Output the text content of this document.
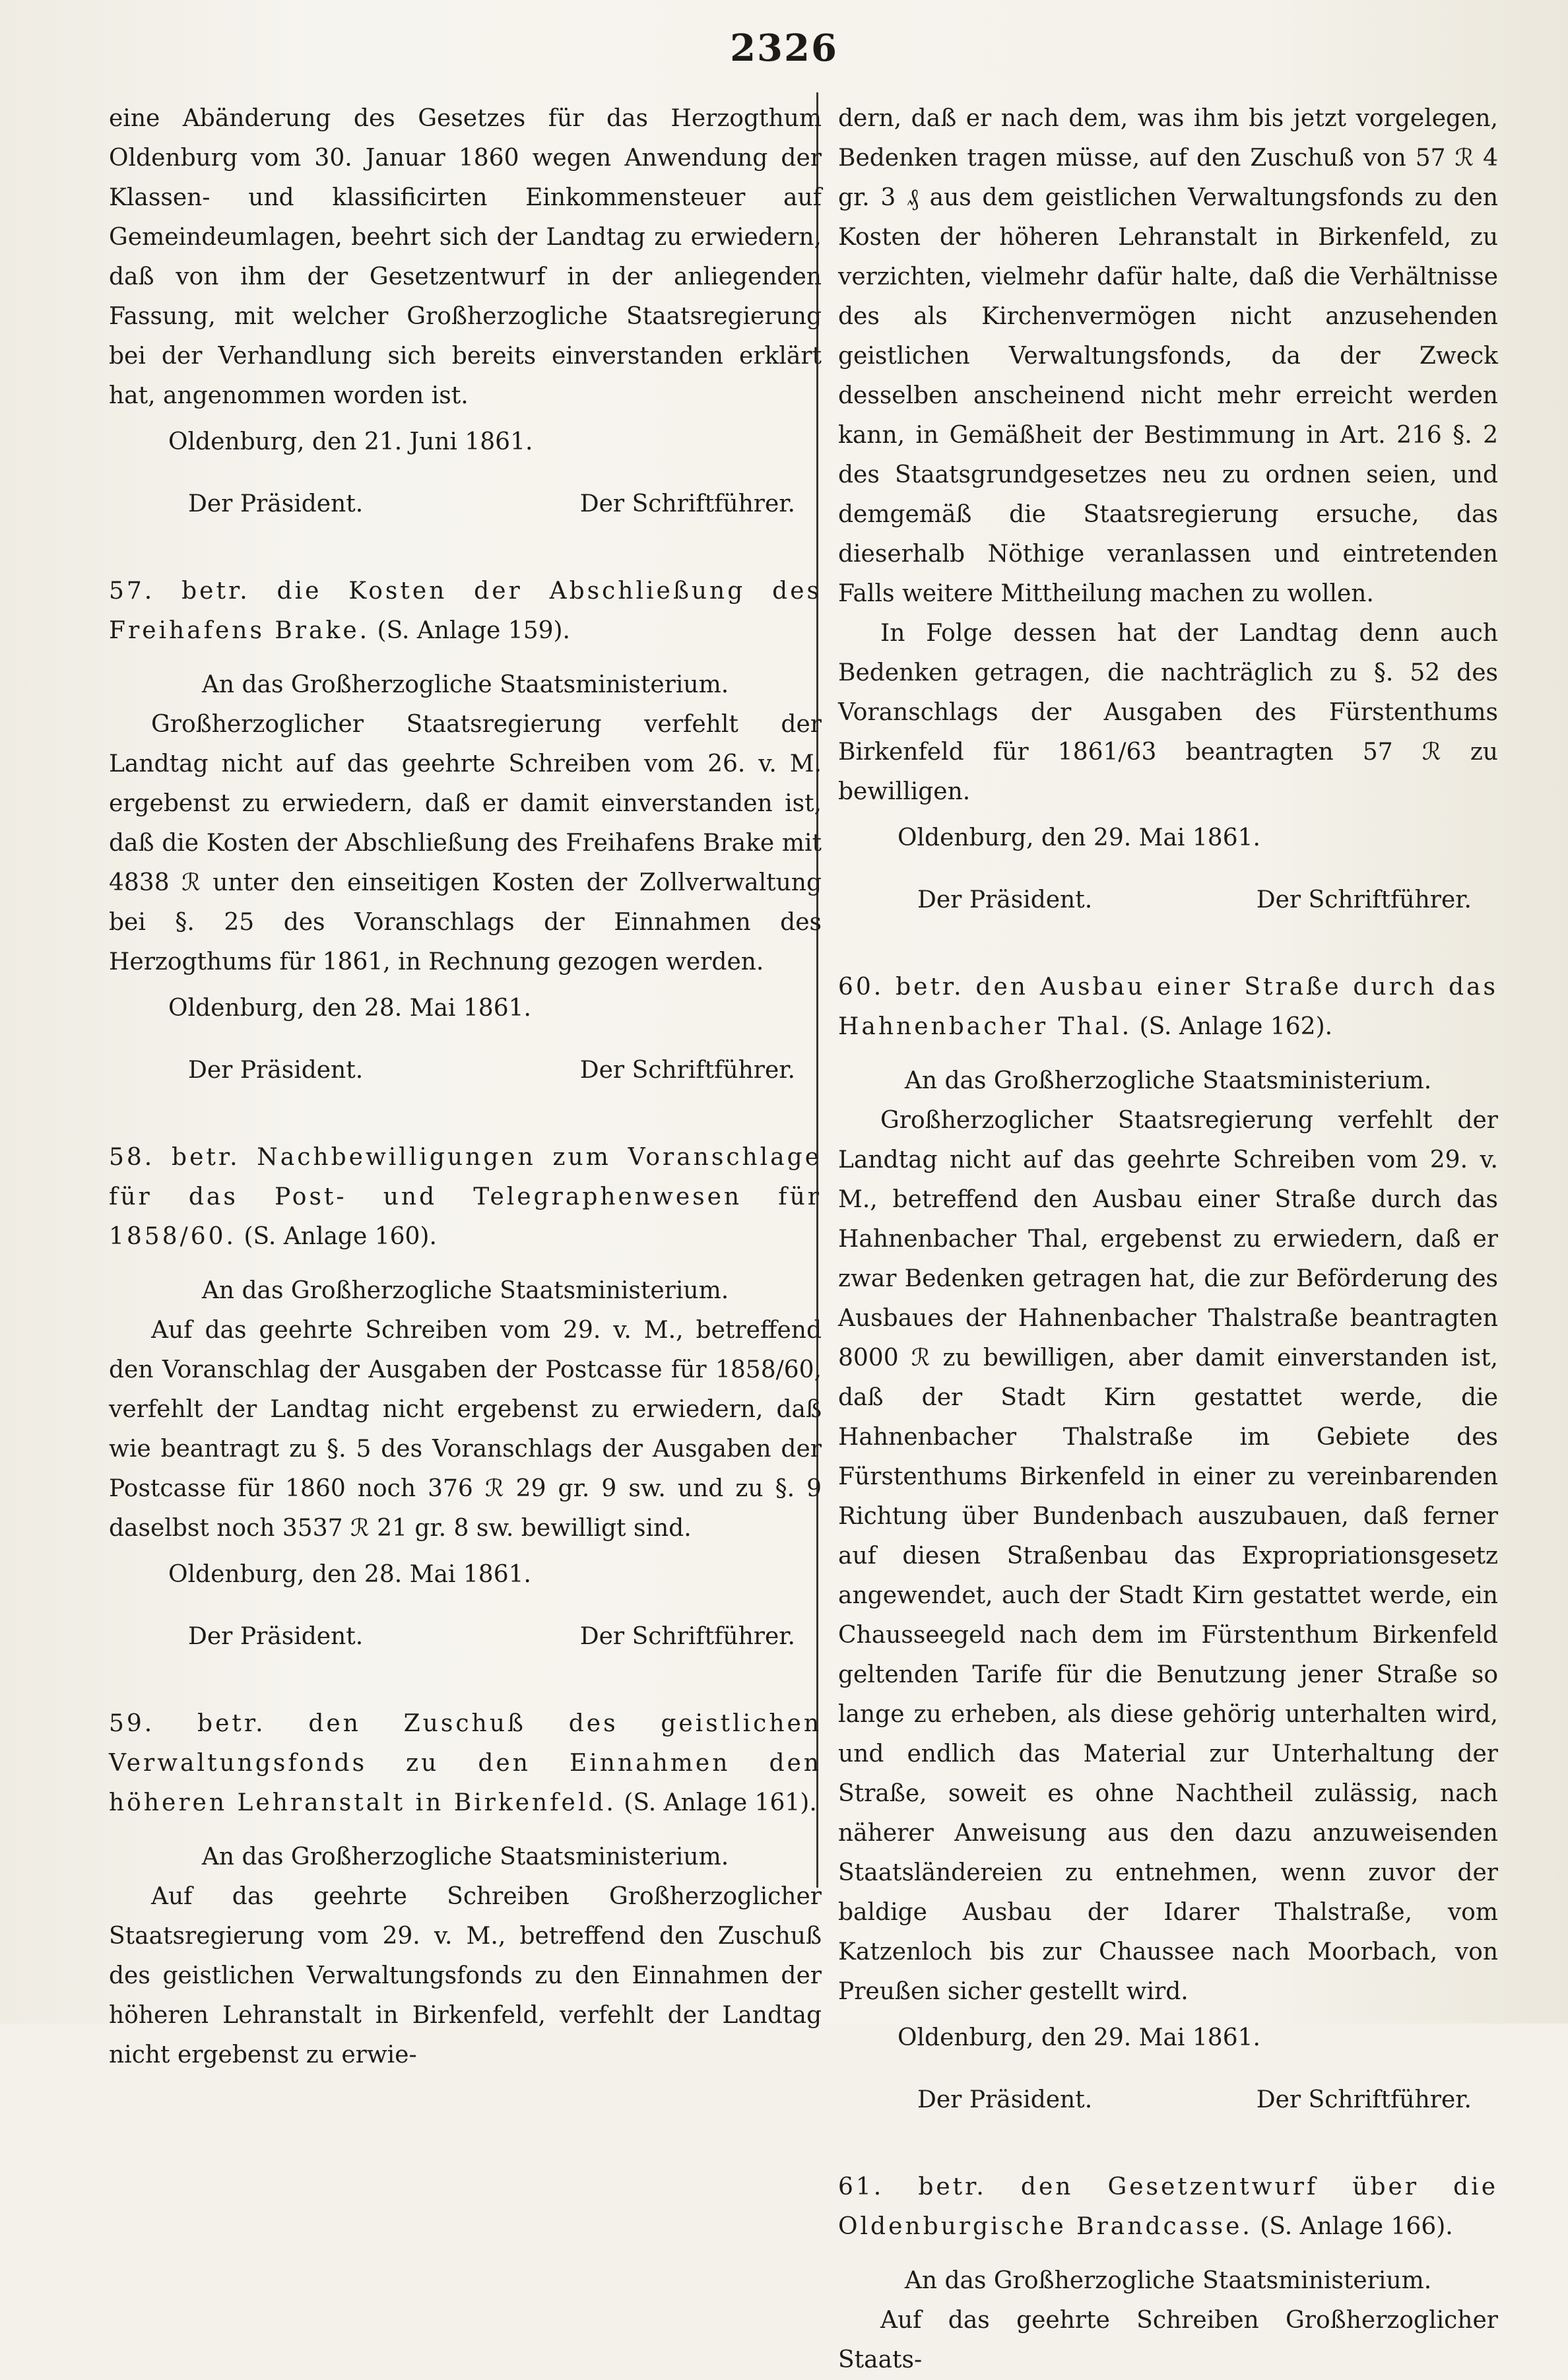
2326

eine Abänderung des Gesetzes für das Herzogthum Oldenburg vom 30. Januar 1860 wegen Anwendung der Klassen- und klassificirten Einkommensteuer auf Gemeindeumlagen, beehrt sich der Landtag zu erwiedern, daß von ihm der Gesetzentwurf in der anliegenden Fassung, mit welcher Großherzogliche Staatsregierung bei der Verhandlung sich bereits einverstanden erklärt hat, angenommen worden ist.

Oldenburg, den 21. Juni 1861.

Der Präsident.	Der Schriftführer.

57. betr. die Kosten der Abschließung des Freihafens Brake. (S. Anlage 159).

An das Großherzogliche Staatsministerium.

Großherzoglicher Staatsregierung verfehlt der Landtag nicht auf das geehrte Schreiben vom 26. v. M. ergebenst zu erwiedern, daß er damit einverstanden ist, daß die Kosten der Abschließung des Freihafens Brake mit 4838 ℛ unter den einseitigen Kosten der Zollverwaltung bei §. 25 des Voranschlags der Einnahmen des Herzogthums für 1861, in Rechnung gezogen werden.

Oldenburg, den 28. Mai 1861.

Der Präsident.	Der Schriftführer.

58. betr. Nachbewilligungen zum Voranschlage für das Post- und Telegraphenwesen für 1858/60. (S. Anlage 160).

An das Großherzogliche Staatsministerium.

Auf das geehrte Schreiben vom 29. v. M., betreffend den Voranschlag der Ausgaben der Postcasse für 1858/60, verfehlt der Landtag nicht ergebenst zu erwiedern, daß wie beantragt zu §. 5 des Voranschlags der Ausgaben der Postcasse für 1860 noch 376 ℛ 29 gr. 9 sw. und zu §. 9 daselbst noch 3537 ℛ 21 gr. 8 sw. bewilligt sind.

Oldenburg, den 28. Mai 1861.

Der Präsident.	Der Schriftführer.

59. betr. den Zuschuß des geistlichen Verwaltungsfonds zu den Einnahmen den höheren Lehranstalt in Birkenfeld. (S. Anlage 161).

An das Großherzogliche Staatsministerium.

Auf das geehrte Schreiben Großherzoglicher Staatsregierung vom 29. v. M., betreffend den Zuschuß des geistlichen Verwaltungsfonds zu den Einnahmen der höheren Lehranstalt in Birkenfeld, verfehlt der Landtag nicht ergebenst zu erwie-

dern, daß er nach dem, was ihm bis jetzt vorgelegen, Bedenken tragen müsse, auf den Zuschuß von 57 ℛ 4 gr. 3 ₰ aus dem geistlichen Verwaltungsfonds zu den Kosten der höheren Lehranstalt in Birkenfeld, zu verzichten, vielmehr dafür halte, daß die Verhältnisse des als Kirchenvermögen nicht anzusehenden geistlichen Verwaltungsfonds, da der Zweck desselben anscheinend nicht mehr erreicht werden kann, in Gemäßheit der Bestimmung in Art. 216 §. 2 des Staatsgrundgesetzes neu zu ordnen seien, und demgemäß die Staatsregierung ersuche, das dieserhalb Nöthige veranlassen und eintretenden Falls weitere Mittheilung machen zu wollen.

In Folge dessen hat der Landtag denn auch Bedenken getragen, die nachträglich zu §. 52 des Voranschlags der Ausgaben des Fürstenthums Birkenfeld für 1861/63 beantragten 57 ℛ zu bewilligen.

Oldenburg, den 29. Mai 1861.

Der Präsident.	Der Schriftführer.

60. betr. den Ausbau einer Straße durch das Hahnenbacher Thal. (S. Anlage 162).

An das Großherzogliche Staatsministerium.

Großherzoglicher Staatsregierung verfehlt der Landtag nicht auf das geehrte Schreiben vom 29. v. M., betreffend den Ausbau einer Straße durch das Hahnenbacher Thal, ergebenst zu erwiedern, daß er zwar Bedenken getragen hat, die zur Beförderung des Ausbaues der Hahnenbacher Thalstraße beantragten 8000 ℛ zu bewilligen, aber damit einverstanden ist, daß der Stadt Kirn gestattet werde, die Hahnenbacher Thalstraße im Gebiete des Fürstenthums Birkenfeld in einer zu vereinbarenden Richtung über Bundenbach auszubauen, daß ferner auf diesen Straßenbau das Expropriationsgesetz angewendet, auch der Stadt Kirn gestattet werde, ein Chausseegeld nach dem im Fürstenthum Birkenfeld geltenden Tarife für die Benutzung jener Straße so lange zu erheben, als diese gehörig unterhalten wird, und endlich das Material zur Unterhaltung der Straße, soweit es ohne Nachtheil zulässig, nach näherer Anweisung aus den dazu anzuweisenden Staatsländereien zu entnehmen, wenn zuvor der baldige Ausbau der Idarer Thalstraße, vom Katzenloch bis zur Chaussee nach Moorbach, von Preußen sicher gestellt wird.

Oldenburg, den 29. Mai 1861.

Der Präsident.	Der Schriftführer.

61. betr. den Gesetzentwurf über die Oldenburgische Brandcasse. (S. Anlage 166).

An das Großherzogliche Staatsministerium.

Auf das geehrte Schreiben Großherzoglicher Staats-
